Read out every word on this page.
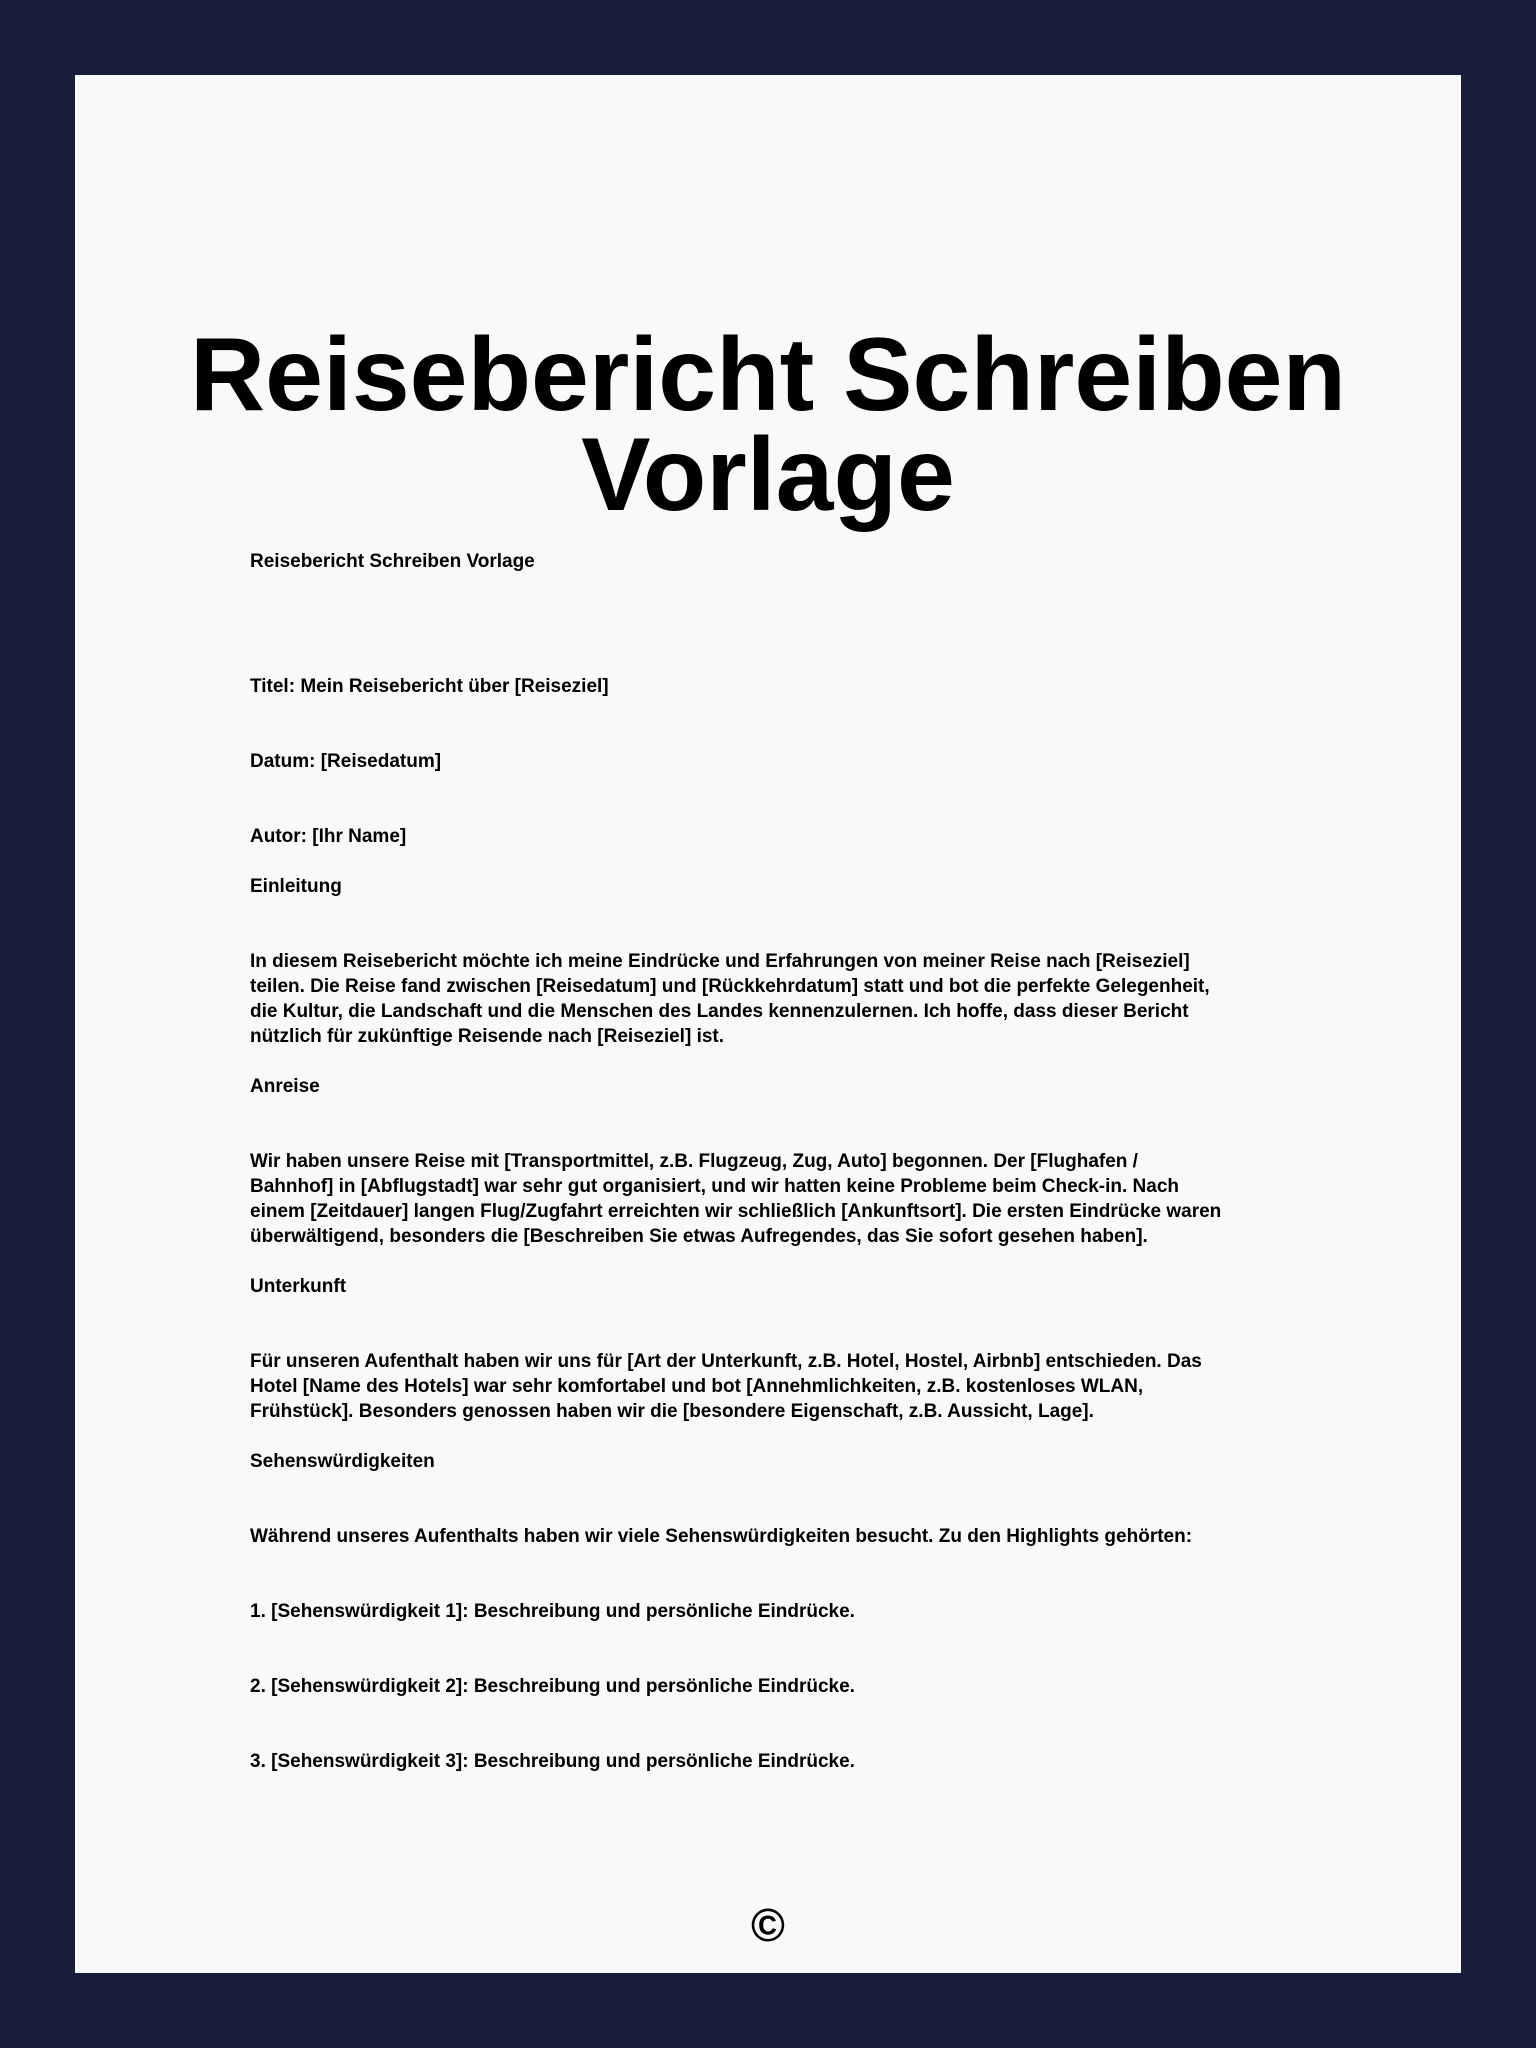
Reisebericht Schreiben
Vorlage

Reisebericht Schreiben Vorlage

Titel: Mein Reisebericht über [Reiseziel]

Datum: [Reisedatum]

Autor: [Ihr Name]

Einleitung

In diesem Reisebericht möchte ich meine Eindrücke und Erfahrungen von meiner Reise nach [Reiseziel]
teilen. Die Reise fand zwischen [Reisedatum] und [Rückkehrdatum] statt und bot die perfekte Gelegenheit,
die Kultur, die Landschaft und die Menschen des Landes kennenzulernen. Ich hoffe, dass dieser Bericht
nützlich für zukünftige Reisende nach [Reiseziel] ist.

Anreise

Wir haben unsere Reise mit [Transportmittel, z.B. Flugzeug, Zug, Auto] begonnen. Der [Flughafen /
Bahnhof] in [Abflugstadt] war sehr gut organisiert, und wir hatten keine Probleme beim Check-in. Nach
einem [Zeitdauer] langen Flug/Zugfahrt erreichten wir schließlich [Ankunftsort]. Die ersten Eindrücke waren
überwältigend, besonders die [Beschreiben Sie etwas Aufregendes, das Sie sofort gesehen haben].

Unterkunft

Für unseren Aufenthalt haben wir uns für [Art der Unterkunft, z.B. Hotel, Hostel, Airbnb] entschieden. Das
Hotel [Name des Hotels] war sehr komfortabel und bot [Annehmlichkeiten, z.B. kostenloses WLAN,
Frühstück]. Besonders genossen haben wir die [besondere Eigenschaft, z.B. Aussicht, Lage].

Sehenswürdigkeiten

Während unseres Aufenthalts haben wir viele Sehenswürdigkeiten besucht. Zu den Highlights gehörten:

1. [Sehenswürdigkeit 1]: Beschreibung und persönliche Eindrücke.

2. [Sehenswürdigkeit 2]: Beschreibung und persönliche Eindrücke.

3. [Sehenswürdigkeit 3]: Beschreibung und persönliche Eindrücke.

©
